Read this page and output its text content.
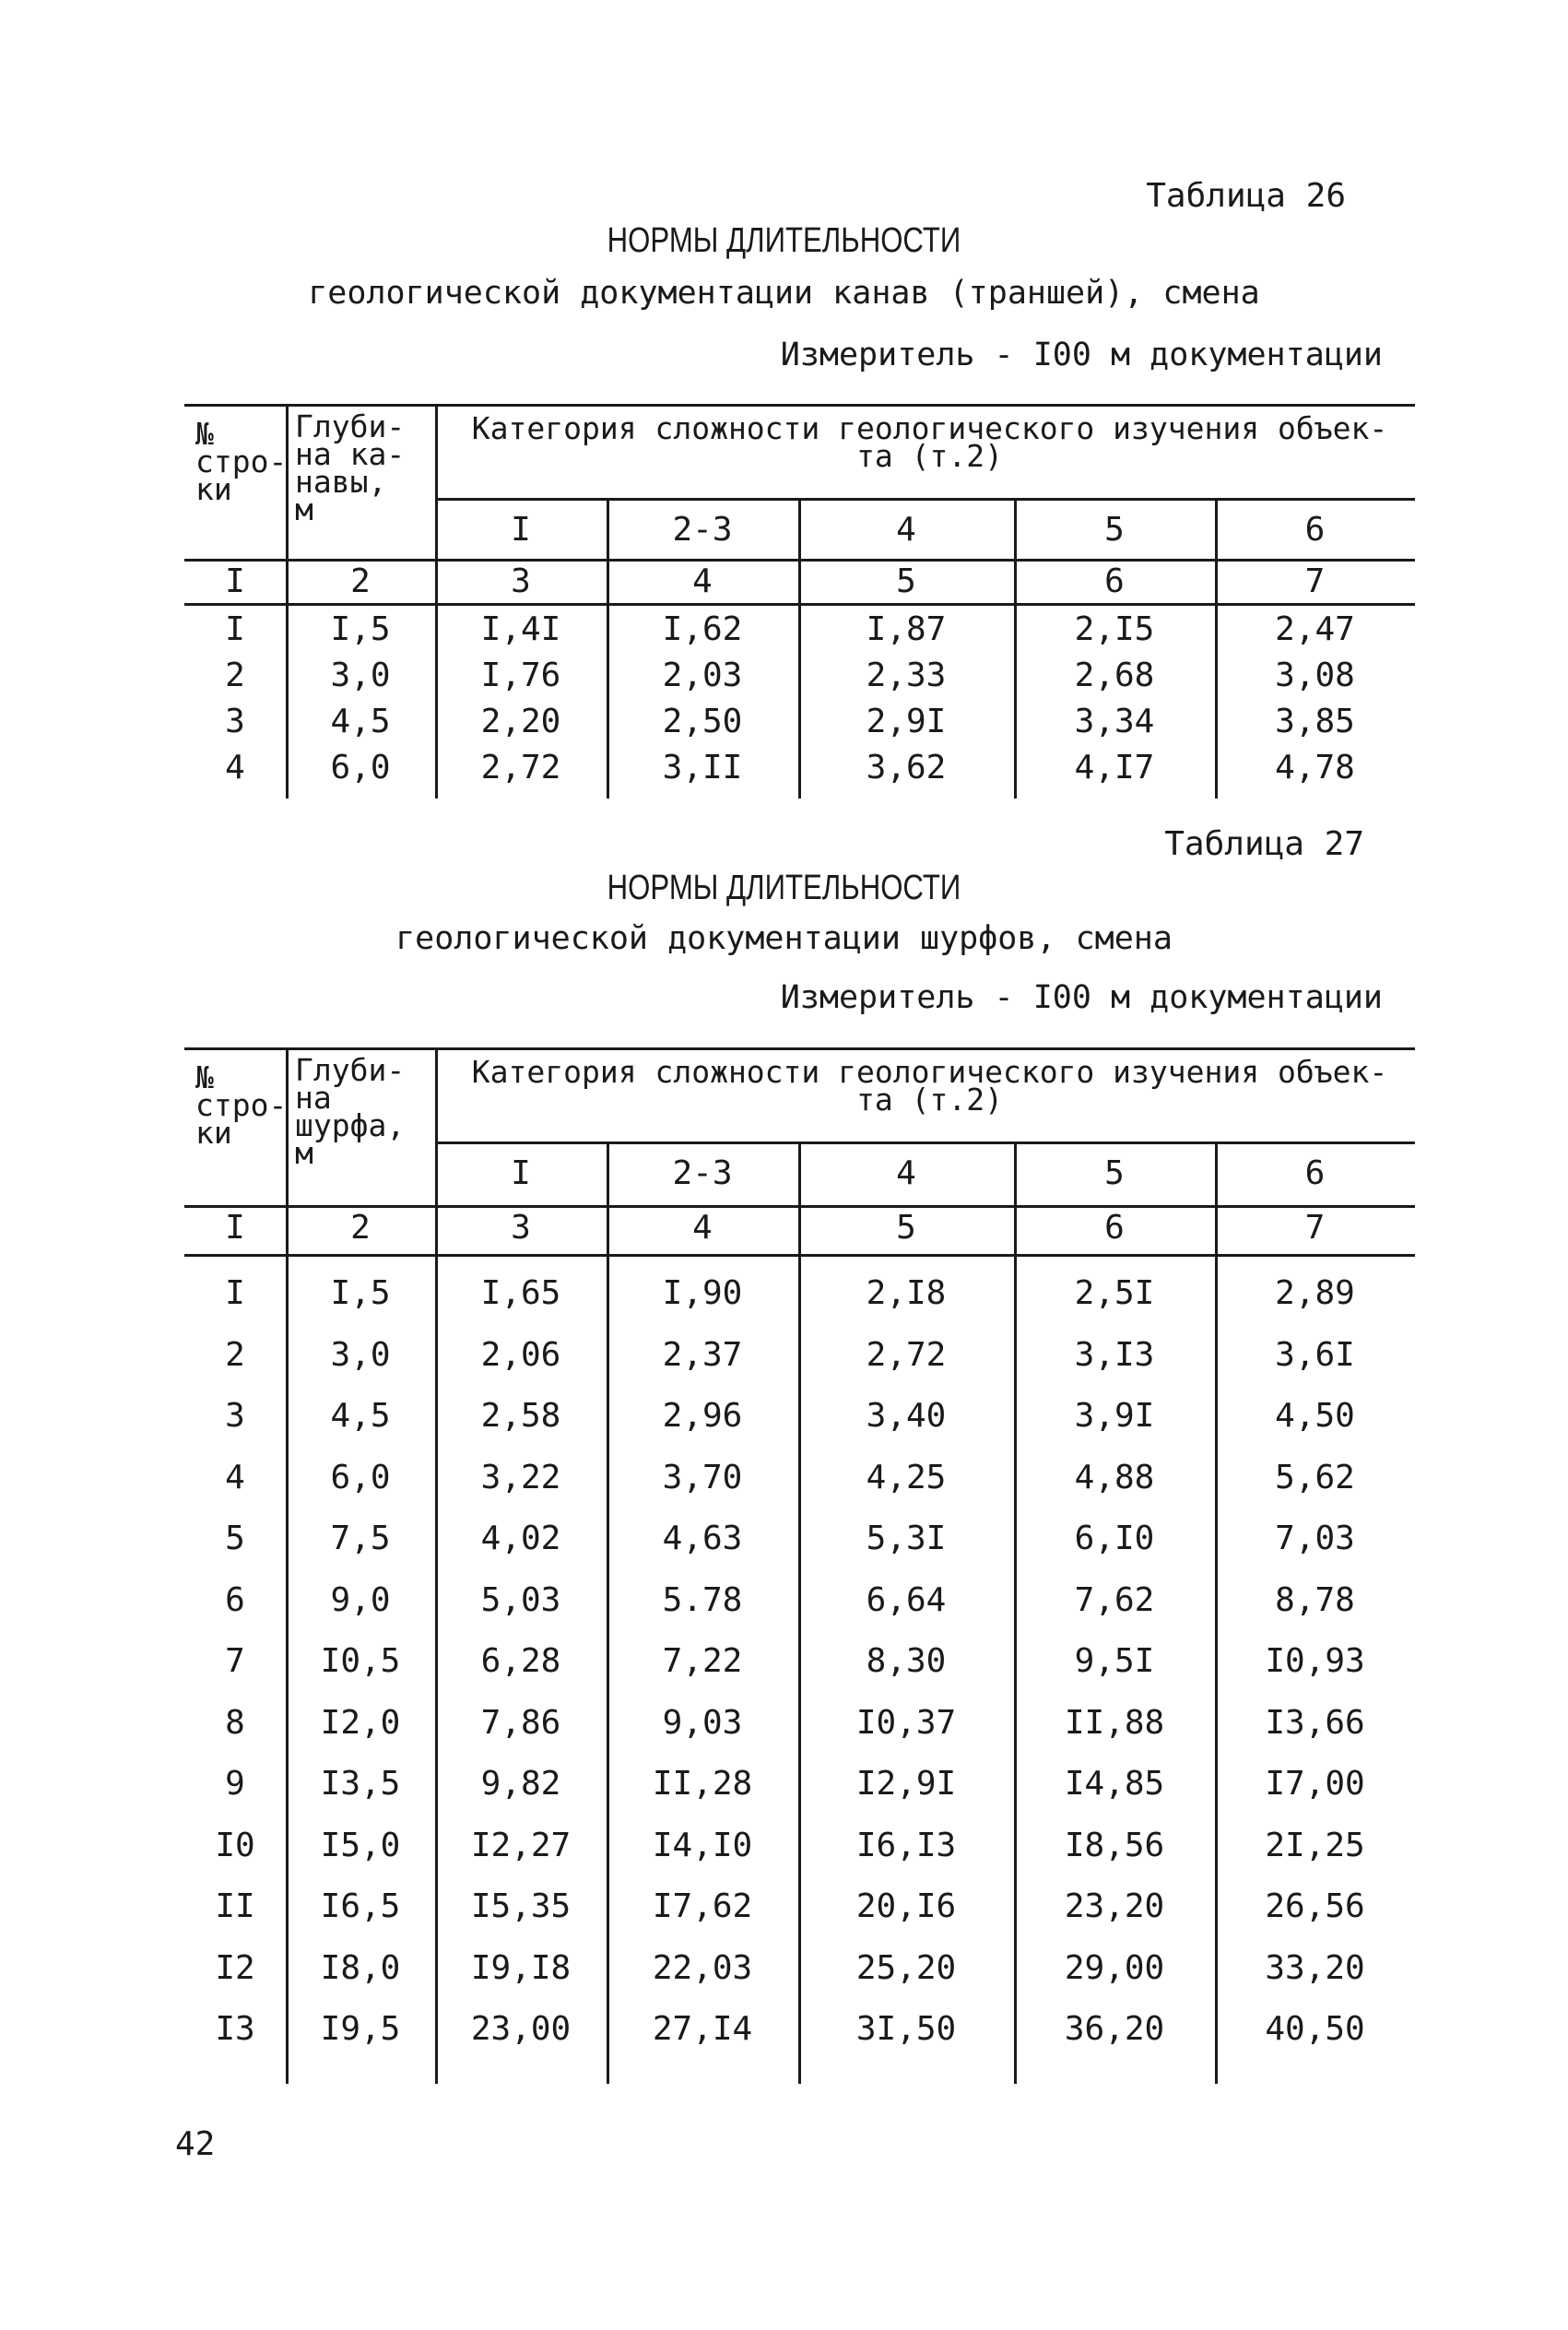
Таблица 26
НОРМЫ ДЛИТЕЛЬНОСТИ
геологической документации канав (траншей), смена
Измеритель - I00 м документации
№
стро-
ки
Глуби-
на ка-
навы,
м
Категория сложности геологического изучения объек-
та (т.2)
I	2-3	4	5	6
I	2	3	4	5	6	7
I	I,5	I,4I	I,62	I,87	2,I5	2,47
2	3,0	I,76	2,03	2,33	2,68	3,08
3	4,5	2,20	2,50	2,9I	3,34	3,85
4	6,0	2,72	3,II	3,62	4,I7	4,78
Таблица 27
НОРМЫ ДЛИТЕЛЬНОСТИ
геологической документации шурфов, смена
Измеритель - I00 м документации
№
стро-
ки
Глуби-
на
шурфа,
м
Категория сложности геологического изучения объек-
та (т.2)
I	2-3	4	5	6
I	2	3	4	5	6	7
I	I,5	I,65	I,90	2,I8	2,5I	2,89
2	3,0	2,06	2,37	2,72	3,I3	3,6I
3	4,5	2,58	2,96	3,40	3,9I	4,50
4	6,0	3,22	3,70	4,25	4,88	5,62
5	7,5	4,02	4,63	5,3I	6,I0	7,03
6	9,0	5,03	5.78	6,64	7,62	8,78
7	I0,5	6,28	7,22	8,30	9,5I	I0,93
8	I2,0	7,86	9,03	I0,37	II,88	I3,66
9	I3,5	9,82	II,28	I2,9I	I4,85	I7,00
I0	I5,0	I2,27	I4,I0	I6,I3	I8,56	2I,25
II	I6,5	I5,35	I7,62	20,I6	23,20	26,56
I2	I8,0	I9,I8	22,03	25,20	29,00	33,20
I3	I9,5	23,00	27,I4	3I,50	36,20	40,50
42
